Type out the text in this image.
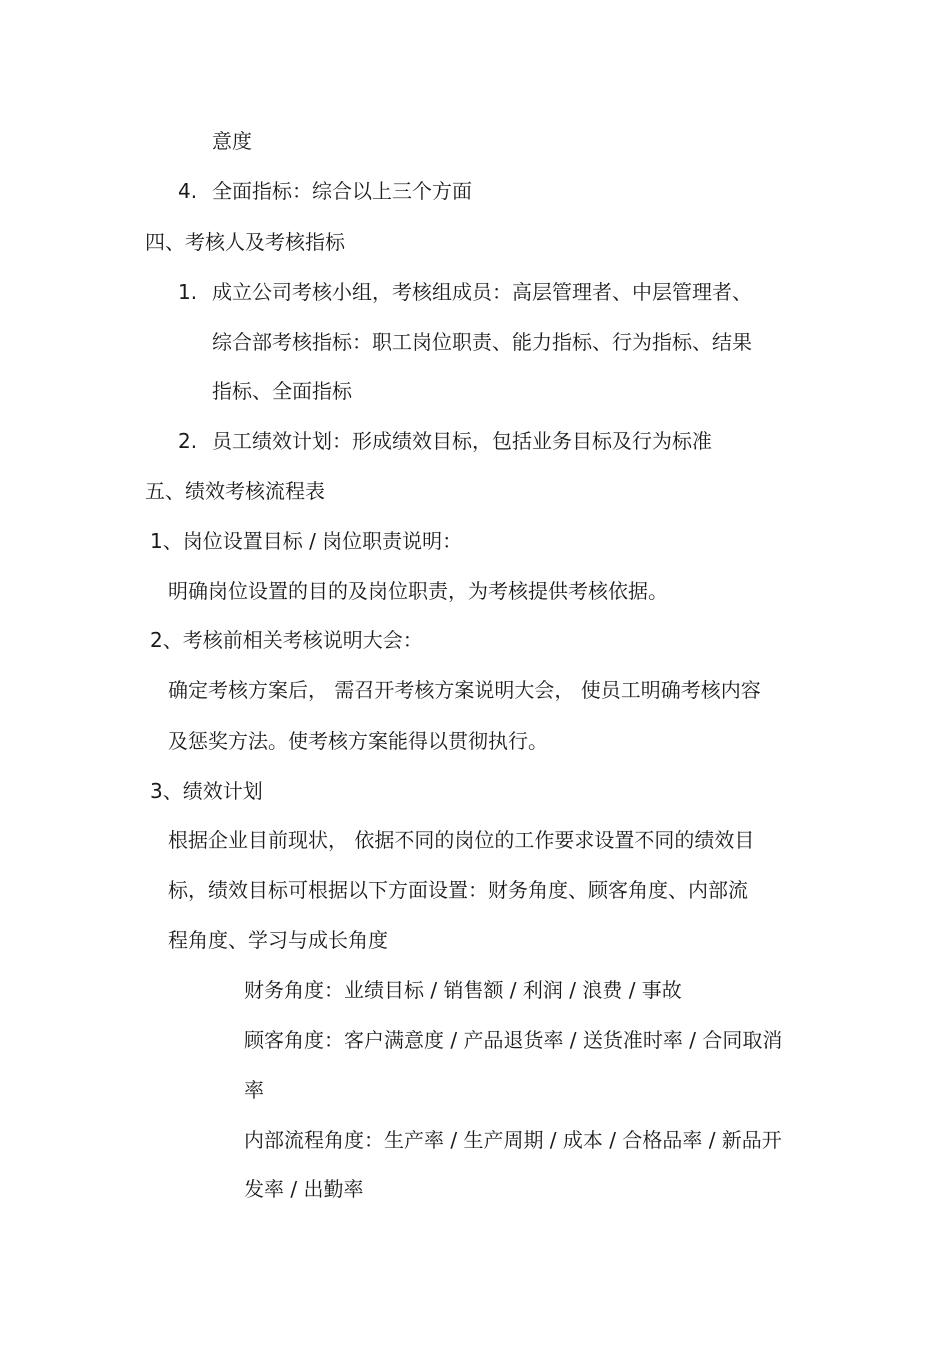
意度
4. 全面指标：综合以上三个方面
四、考核人及考核指标
1. 成立公司考核小组，考核组成员：高层管理者、中层管理者、
综合部考核指标：职工岗位职责、能力指标、行为指标、结果
指标、全面指标
2. 员工绩效计划：形成绩效目标，包括业务目标及行为标准
五、绩效考核流程表
1、岗位设置目标 / 岗位职责说明：
明确岗位设置的目的及岗位职责，为考核提供考核依据。
2、考核前相关考核说明大会：
确定考核方案后， 需召开考核方案说明大会， 使员工明确考核内容
及惩奖方法。使考核方案能得以贯彻执行。
3、绩效计划
根据企业目前现状， 依据不同的岗位的工作要求设置不同的绩效目
标，绩效目标可根据以下方面设置：财务角度、顾客角度、内部流
程角度、学习与成长角度
财务角度：业绩目标 / 销售额 / 利润 / 浪费 / 事故
顾客角度：客户满意度 / 产品退货率 / 送货准时率 / 合同取消
率
内部流程角度：生产率 / 生产周期 / 成本 / 合格品率 / 新品开
发率 / 出勤率
